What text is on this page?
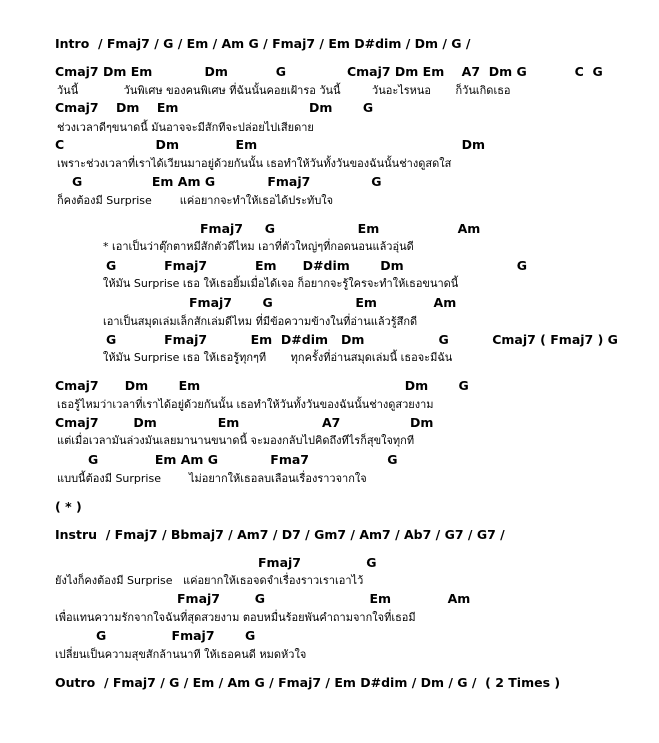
Intro  / Fmaj7 / G / Em / Am G / Fmaj7 / Em D#dim / Dm / G /
Cmaj7 Dm Em            Dm           G              Cmaj7 Dm Em    A7  Dm G           C  G
วันนี้             วันพิเศษ ของคนพิเศษ ที่ฉันนั้นคอยเฝ้ารอ วันนี้         วันอะไรหนอ       ก็วันเกิดเธอ
Cmaj7    Dm    Em                              Dm       G
ช่วงเวลาดีๆขนาดนี้ มันอาจจะมีสักทีจะปล่อยไปเสียดาย
C                     Dm             Em                                               Dm
เพราะช่วงเวลาที่เราได้เวียนมาอยู่ด้วยกันนั้น เธอทำให้วันทั้งวันของฉันนั้นช่างดูสดใส
G                Em Am G            Fmaj7              G
ก็คงต้องมี Surprise        แค่อยากจะทำให้เธอได้ประทับใจ
Fmaj7     G                   Em                  Am
* เอาเป็นว่าตุ๊กตาหมีสักตัวดีไหม เอาที่ตัวใหญ่ๆที่กอดนอนแล้วอุ่นดี
G           Fmaj7           Em      D#dim       Dm                          G
ให้มัน Surprise เธอ ให้เธอยิ้มเมื่อได้เจอ ก็อยากจะรู้ใครจะทำให้เธอขนาดนี้
Fmaj7       G                   Em             Am
เอาเป็นสมุดเล่มเล็กสักเล่มดีไหม ที่มีข้อความข้างในที่อ่านแล้วรู้สึกดี
G           Fmaj7          Em  D#dim   Dm                 G          Cmaj7 ( Fmaj7 ) G
ให้มัน Surprise เธอ ให้เธอรู้ทุกๆที       ทุกครั้งที่อ่านสมุดเล่มนี้ เธอจะมีฉัน
Cmaj7      Dm       Em                                               Dm       G
เธอรู้ไหมว่าเวลาที่เราได้อยู่ด้วยกันนั้น เธอทำให้วันทั้งวันของฉันนั้นช่างดูสวยงาม
Cmaj7        Dm              Em                   A7                Dm
แต่เมื่อเวลามันล่วงมันเลยมานานขนาดนี้ จะมองกลับไปคิดถึงทีไรก็สุขใจทุกที
G             Em Am G            Fma7                  G
แบบนี้ต้องมี Surprise        ไม่อยากให้เธอลบเลือนเรื่องราวจากใจ
( * )
Instru  / Fmaj7 / Bbmaj7 / Am7 / D7 / Gm7 / Am7 / Ab7 / G7 / G7 /
Fmaj7               G
ยังไงก็คงต้องมี Surprise   แค่อยากให้เธอจดจำเรื่องราวเราเอาไว้
Fmaj7        G                        Em             Am
เพื่อแทนความรักจากใจฉันที่สุดสวยงาม ตอบหมื่นร้อยพันคำถามจากใจที่เธอมี
G               Fmaj7       G
เปลี่ยนเป็นความสุขสักล้านนาที ให้เธอคนดี หมดหัวใจ
Outro  / Fmaj7 / G / Em / Am G / Fmaj7 / Em D#dim / Dm / G /  ( 2 Times )
